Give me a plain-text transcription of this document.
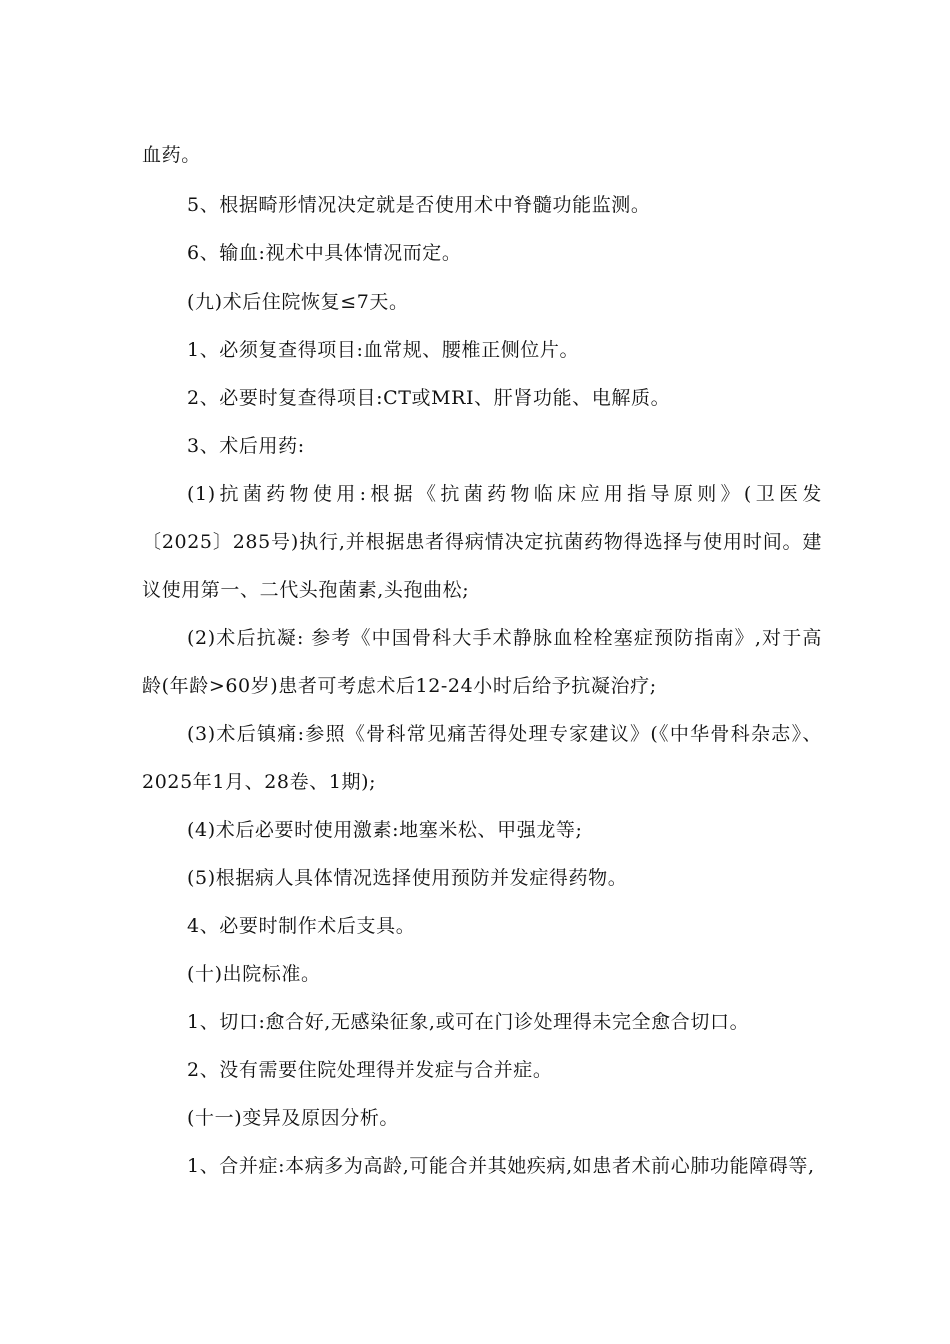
血药。
5、根据畸形情况决定就是否使用术中脊髓功能监测。
6、输血:视术中具体情况而定。
(九)术后住院恢复≤7天。
1、必须复查得项目:血常规、腰椎正侧位片。
2、必要时复查得项目:CT或MRI、肝肾功能、电解质。
3、术后用药:
(1)抗菌药物使用:根据《抗菌药物临床应用指导原则》(卫医发
〔2025〕285号)执行,并根据患者得病情决定抗菌药物得选择与使用时间。建
议使用第一、二代头孢菌素,头孢曲松;
(2)术后抗凝: 参考《中国骨科大手术静脉血栓栓塞症预防指南》,对于高
龄(年龄>60岁)患者可考虑术后12-24小时后给予抗凝治疗;
(3)术后镇痛:参照《骨科常见痛苦得处理专家建议》(《中华骨科杂志》、
2025年1月、28卷、1期);
(4)术后必要时使用激素:地塞米松、甲强龙等;
(5)根据病人具体情况选择使用预防并发症得药物。
4、必要时制作术后支具。
(十)出院标准。
1、切口:愈合好,无感染征象,或可在门诊处理得未完全愈合切口。
2、没有需要住院处理得并发症与合并症。
(十一)变异及原因分析。
1、合并症:本病多为高龄,可能合并其她疾病,如患者术前心肺功能障碍等,
